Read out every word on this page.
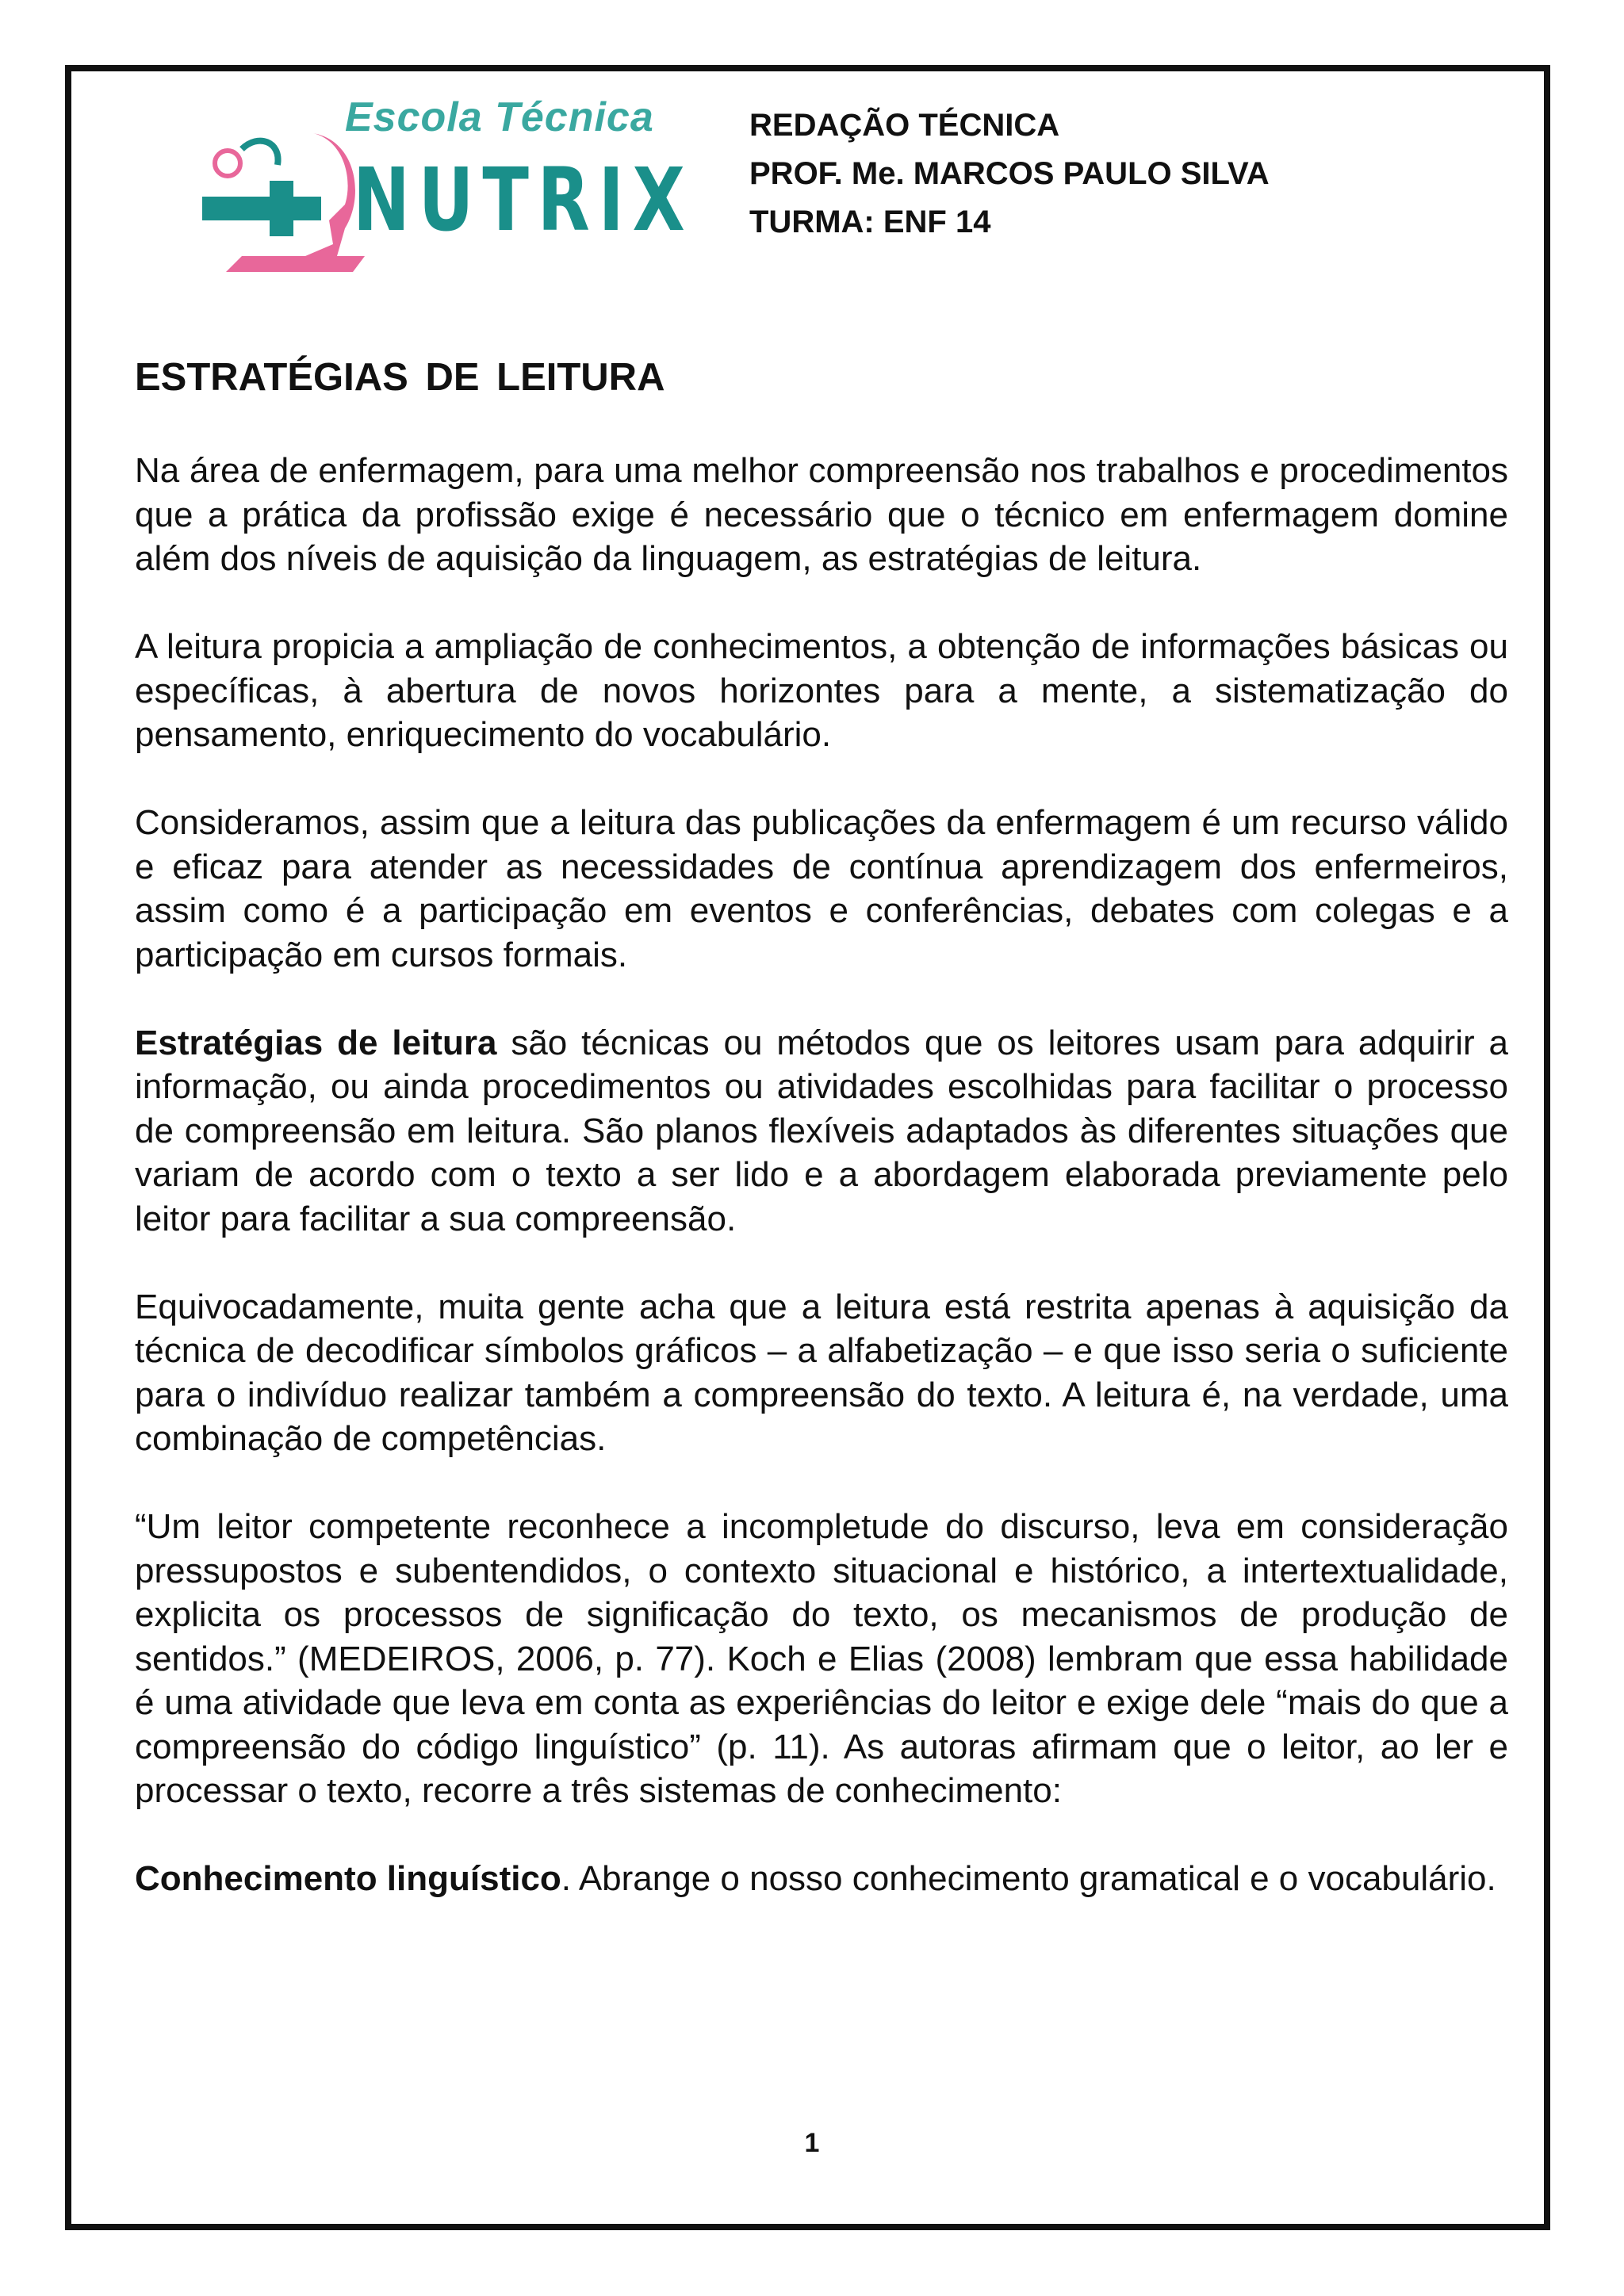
Escola Técnica
NUTRIX
REDAÇÃO TÉCNICA
PROF. Me. MARCOS PAULO SILVA
TURMA: ENF 14
ESTRATÉGIAS DE LEITURA

Na área de enfermagem, para uma melhor compreensão nos trabalhos e procedimentos que a prática da profissão exige é necessário que o técnico em enfermagem domine além dos níveis de aquisição da linguagem, as estratégias de leitura.

A leitura propicia a ampliação de conhecimentos, a obtenção de informações básicas ou específicas, à abertura de novos horizontes para a mente, a sistematização do pensamento, enriquecimento do vocabulário.

Consideramos, assim que a leitura das publicações da enfermagem é um recurso válido e eficaz para atender as necessidades de contínua aprendizagem dos enfermeiros, assim como é a participação em eventos e conferências, debates com colegas e a participação em cursos formais.

Estratégias de leitura são técnicas ou métodos que os leitores usam para adquirir a informação, ou ainda procedimentos ou atividades escolhidas para facilitar o processo de compreensão em leitura. São planos flexíveis adaptados às diferentes situações que variam de acordo com o texto a ser lido e a abordagem elaborada previamente pelo leitor para facilitar a sua compreensão.

Equivocadamente, muita gente acha que a leitura está restrita apenas à aquisição da técnica de decodificar símbolos gráficos – a alfabetização – e que isso seria o suficiente para o indivíduo realizar também a compreensão do texto. A leitura é, na verdade, uma combinação de competências.

“Um leitor competente reconhece a incompletude do discurso, leva em consideração pressupostos e subentendidos, o contexto situacional e histórico, a intertextualidade, explicita os processos de significação do texto, os mecanismos de produção de sentidos.” (MEDEIROS, 2006, p. 77). Koch e Elias (2008) lembram que essa habilidade é uma atividade que leva em conta as experiências do leitor e exige dele “mais do que a compreensão do código linguístico” (p. 11). As autoras afirmam que o leitor, ao ler e processar o texto, recorre a três sistemas de conhecimento:

Conhecimento linguístico. Abrange o nosso conhecimento gramatical e o vocabulário.

1
